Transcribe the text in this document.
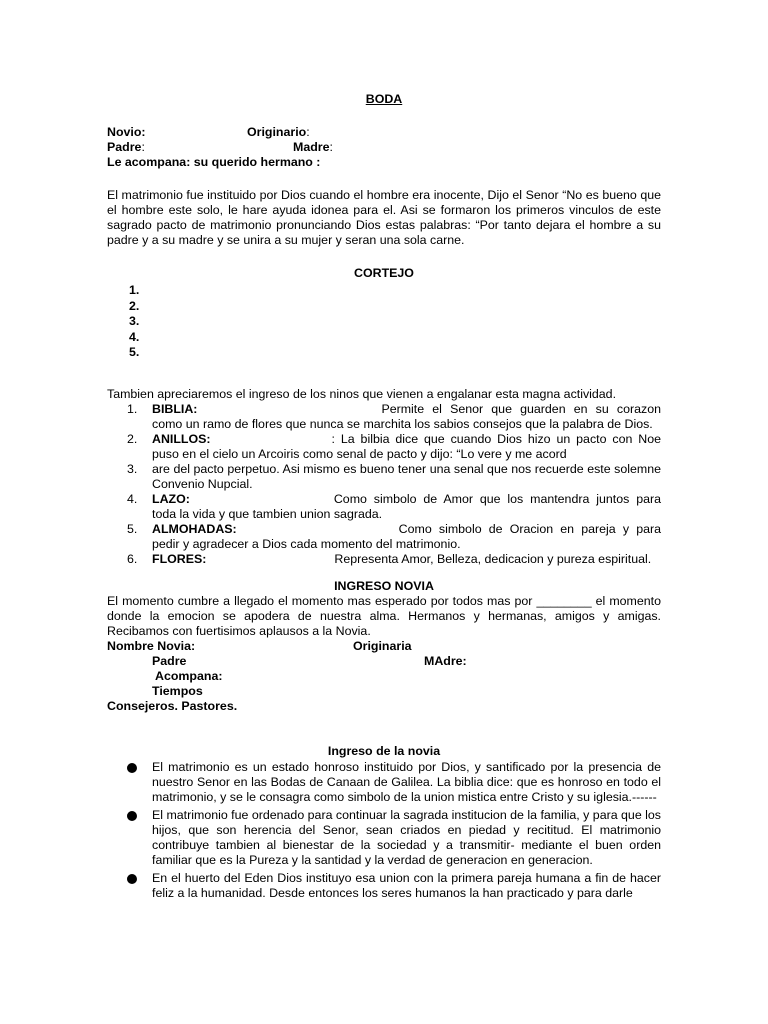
BODA

Novio:	Originario:
Padre:	Madre:

Le acompana: su querido hermano :

El matrimonio fue instituido por Dios cuando el hombre era inocente, Dijo el Senor “No es bueno que el hombre este solo, le hare ayuda idonea para el. Asi se formaron los primeros vinculos de este sagrado pacto de matrimonio pronunciando Dios estas palabras: “Por tanto dejara el hombre a su padre y a su madre y se unira a su mujer y seran una sola carne.

CORTEJO

1.
2.
3.
4.
5.

Tambien apreciaremos el ingreso de los ninos que vienen a engalanar esta magna actividad.

1. BIBLIA:	Permite el Senor que guarden en su corazon como un ramo de flores que nunca se marchita los sabios consejos que la palabra de Dios.
2. ANILLOS:	: La bilbia dice que cuando Dios hizo un pacto con Noe puso en el cielo un Arcoiris como senal de pacto y dijo: “Lo vere y me acord
3. are del pacto perpetuo. Asi mismo es bueno tener una senal que nos recuerde este solemne Convenio Nupcial.
4. LAZO:	Como simbolo de Amor que los mantendra juntos para toda la vida y que tambien union sagrada.
5. ALMOHADAS:	Como simbolo de Oracion en pareja y para pedir y agradecer a Dios cada momento del matrimonio.
6. FLORES:	Representa Amor, Belleza, dedicacion y pureza espiritual.

INGRESO NOVIA

El momento cumbre a llegado el momento mas esperado por todos mas por ________ el momento donde la emocion se apodera de nuestra alma. Hermanos y hermanas, amigos y amigas. Recibamos con fuertisimos aplausos a la Novia.

Nombre Novia:	Originaria
Padre	MAdre:
Acompana:
Tiempos

Consejeros. Pastores.

Ingreso de la novia

El matrimonio es un estado honroso instituido por Dios, y santificado por la presencia de nuestro Senor en las Bodas de Canaan de Galilea. La biblia dice: que es honroso en todo el matrimonio, y se le consagra como simbolo de la union mistica entre Cristo y su iglesia.------
El matrimonio fue ordenado para continuar la sagrada institucion de la familia, y para que los hijos, que son herencia del Senor, sean criados en piedad y recititud. El matrimonio contribuye tambien al bienestar de la sociedad y a transmitir- mediante el buen orden familiar que es la Pureza y la santidad y la verdad de generacion en generacion.
En el huerto del Eden Dios instituyo esa union con la primera pareja humana a fin de hacer feliz a la humanidad. Desde entonces los seres humanos la han practicado y para darle
